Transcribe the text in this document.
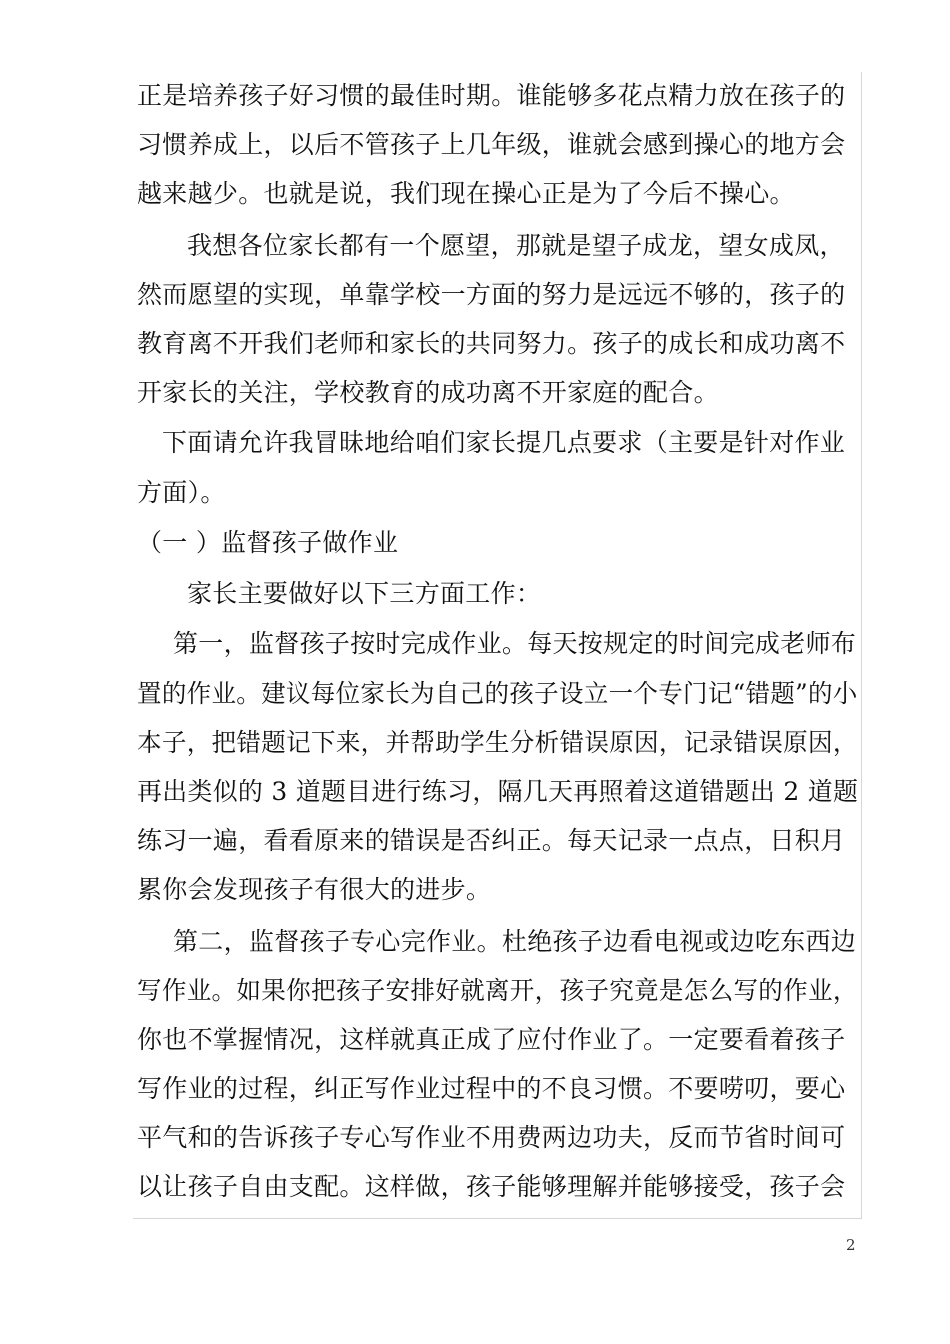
正是培养孩子好习惯的最佳时期。谁能够多花点精力放在孩子的
习惯养成上，以后不管孩子上几年级，谁就会感到操心的地方会
越来越少。也就是说，我们现在操心正是为了今后不操心。
我想各位家长都有一个愿望，那就是望子成龙，望女成凤，
然而愿望的实现，单靠学校一方面的努力是远远不够的，孩子的
教育离不开我们老师和家长的共同努力。孩子的成长和成功离不
开家长的关注，学校教育的成功离不开家庭的配合。
下面请允许我冒昧地给咱们家长提几点要求（主要是针对作业
方面）。
（一 ）监督孩子做作业
家长主要做好以下三方面工作：
第一，监督孩子按时完成作业。每天按规定的时间完成老师布
置的作业。建议每位家长为自己的孩子设立一个专门记“错题”的小
本子，把错题记下来，并帮助学生分析错误原因，记录错误原因，
再出类似的 3 道题目进行练习，隔几天再照着这道错题出 2 道题
练习一遍，看看原来的错误是否纠正。每天记录一点点，日积月
累你会发现孩子有很大的进步。
第二，监督孩子专心完作业。杜绝孩子边看电视或边吃东西边
写作业。如果你把孩子安排好就离开，孩子究竟是怎么写的作业，
你也不掌握情况，这样就真正成了应付作业了。一定要看着孩子
写作业的过程，纠正写作业过程中的不良习惯。不要唠叨，要心
平气和的告诉孩子专心写作业不用费两边功夫，反而节省时间可
以让孩子自由支配。这样做，孩子能够理解并能够接受，孩子会
2
